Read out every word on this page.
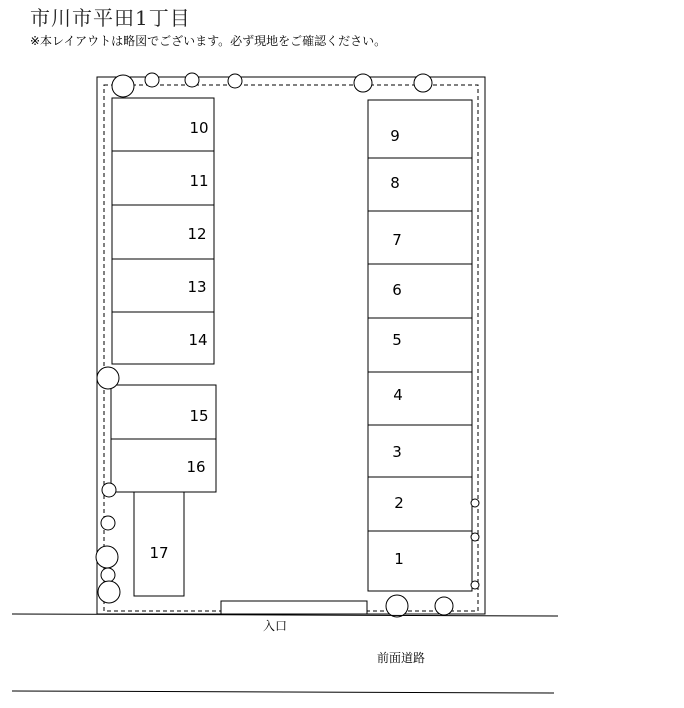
市川市平田1丁目
※本レイアウトは略図でございます。必ず現地をご確認ください。
10
11
12
13
14
15
16
17
9
8
7
6
5
4
3
2
1
入口
前面道路
